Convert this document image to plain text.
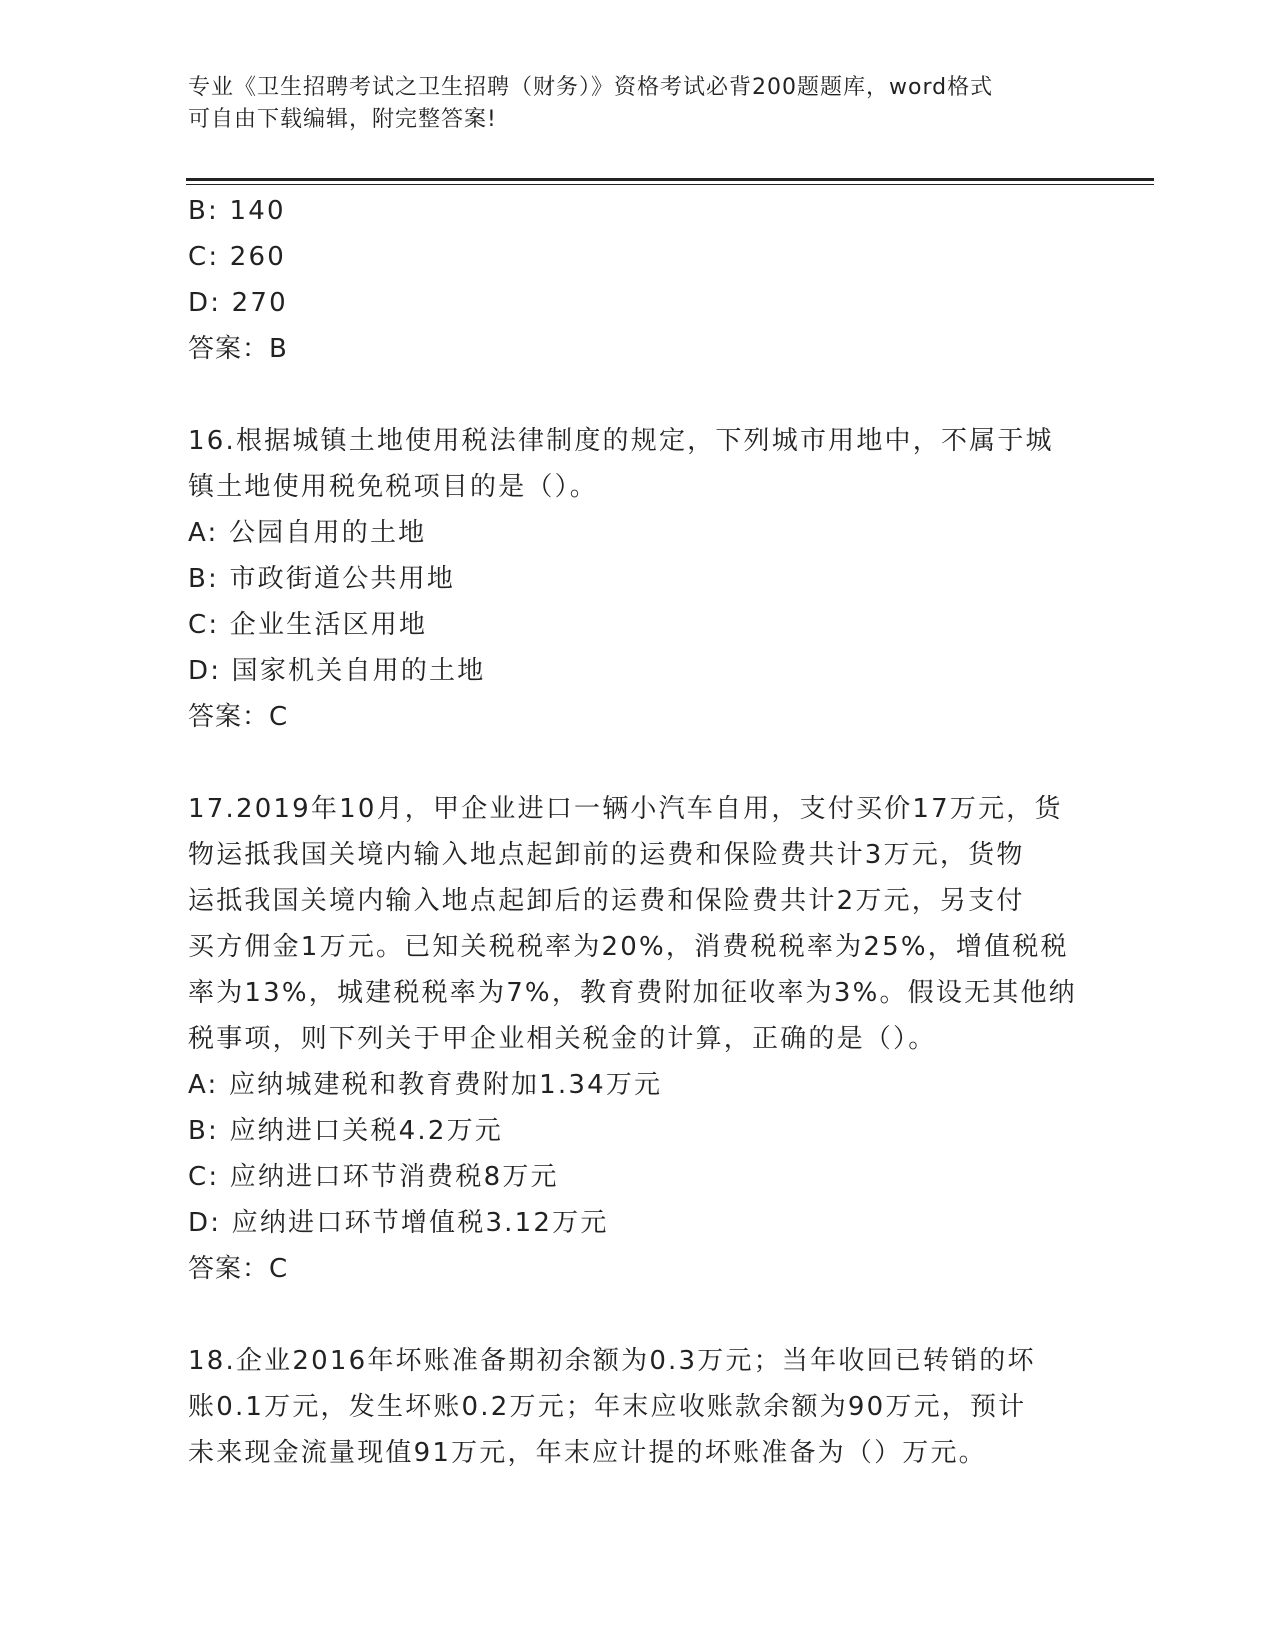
专业《卫生招聘考试之卫生招聘（财务）》资格考试必背200题题库，word格式
可自由下载编辑，附完整答案!
B: 140
C: 260
D: 270
答案：B
16.根据城镇土地使用税法律制度的规定，下列城市用地中，不属于城
镇土地使用税免税项目的是（）。
A: 公园自用的土地
B: 市政街道公共用地
C: 企业生活区用地
D: 国家机关自用的土地
答案：C
17.2019年10月，甲企业进口一辆小汽车自用，支付买价17万元，货
物运抵我国关境内输入地点起卸前的运费和保险费共计3万元，货物
运抵我国关境内输入地点起卸后的运费和保险费共计2万元，另支付
买方佣金1万元。已知关税税率为20%，消费税税率为25%，增值税税
率为13%，城建税税率为7%，教育费附加征收率为3%。假设无其他纳
税事项，则下列关于甲企业相关税金的计算，正确的是（）。
A: 应纳城建税和教育费附加1.34万元
B: 应纳进口关税4.2万元
C: 应纳进口环节消费税8万元
D: 应纳进口环节增值税3.12万元
答案：C
18.企业2016年坏账准备期初余额为0.3万元；当年收回已转销的坏
账0.1万元，发生坏账0.2万元；年末应收账款余额为90万元，预计
未来现金流量现值91万元，年末应计提的坏账准备为（）万元。
